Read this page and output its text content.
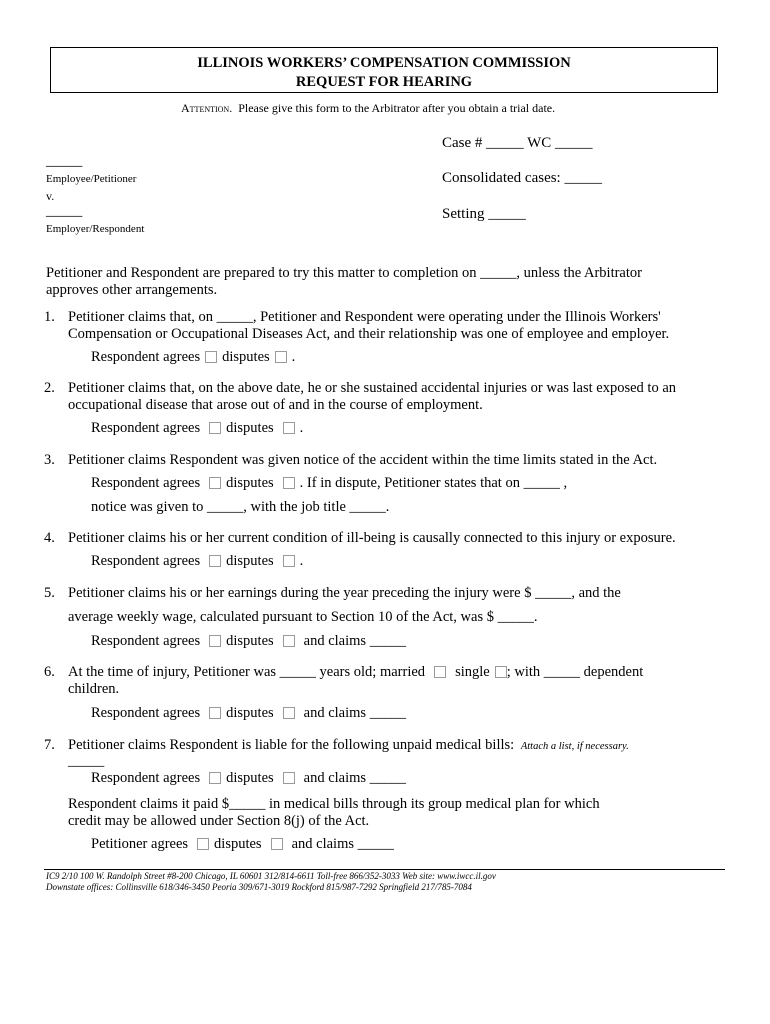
ILLINOIS WORKERS’ COMPENSATION COMMISSION
REQUEST FOR HEARING
Attention. Please give this form to the Arbitrator after you obtain a trial date.
Case # _____ WC _____
_____
Employee/Petitioner	Consolidated cases: _____
v.
_____	Setting _____
Employer/Respondent
Petitioner and Respondent are prepared to try this matter to completion on _____, unless the Arbitrator
approves other arrangements.
1. Petitioner claims that, on _____, Petitioner and Respondent were operating under the Illinois Workers'
Compensation or Occupational Diseases Act, and their relationship was one of employee and employer.
Respondent agrees disputes .
2. Petitioner claims that, on the above date, he or she sustained accidental injuries or was last exposed to an
occupational disease that arose out of and in the course of employment.
Respondent agrees disputes .
3. Petitioner claims Respondent was given notice of the accident within the time limits stated in the Act.
Respondent agrees disputes . If in dispute, Petitioner states that on _____ ,
notice was given to _____, with the job title _____.
4. Petitioner claims his or her current condition of ill-being is causally connected to this injury or exposure.
Respondent agrees disputes .
5. Petitioner claims his or her earnings during the year preceding the injury were $ _____, and the
average weekly wage, calculated pursuant to Section 10 of the Act, was $ _____.
Respondent agrees disputes and claims _____
6. At the time of injury, Petitioner was _____ years old; married single ; with _____ dependent
children.
Respondent agrees disputes and claims _____
7. Petitioner claims Respondent is liable for the following unpaid medical bills: Attach a list, if necessary.
_____
Respondent agrees disputes and claims _____
Respondent claims it paid $_____ in medical bills through its group medical plan for which
credit may be allowed under Section 8(j) of the Act.
Petitioner agrees disputes and claims _____
IC9 2/10 100 W. Randolph Street #8-200 Chicago, IL 60601 312/814-6611 Toll-free 866/352-3033 Web site: www.iwcc.il.gov
Downstate offices: Collinsville 618/346-3450 Peoria 309/671-3019 Rockford 815/987-7292 Springfield 217/785-7084
